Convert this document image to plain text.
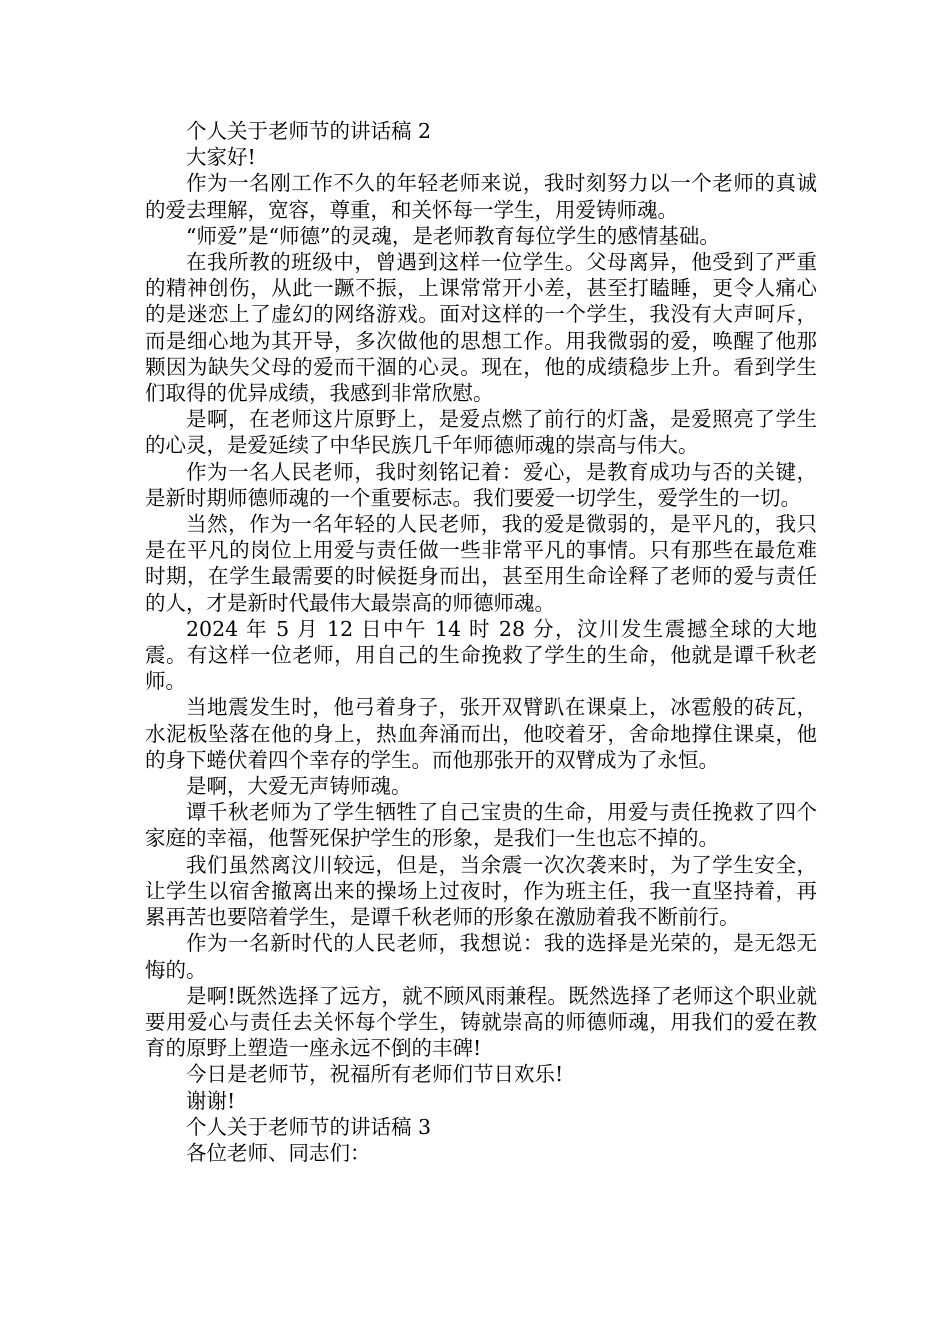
个人关于老师节的讲话稿 2

大家好!

作为一名刚工作不久的年轻老师来说，我时刻努力以一个老师的真诚的爱去理解，宽容，尊重，和关怀每一学生，用爱铸师魂。

“师爱”是“师德”的灵魂，是老师教育每位学生的感情基础。

在我所教的班级中，曾遇到这样一位学生。父母离异，他受到了严重的精神创伤，从此一蹶不振，上课常常开小差，甚至打瞌睡，更令人痛心的是迷恋上了虚幻的网络游戏。面对这样的一个学生，我没有大声呵斥，而是细心地为其开导，多次做他的思想工作。用我微弱的爱，唤醒了他那颗因为缺失父母的爱而干涸的心灵。现在，他的成绩稳步上升。看到学生们取得的优异成绩，我感到非常欣慰。

是啊，在老师这片原野上，是爱点燃了前行的灯盏，是爱照亮了学生的心灵，是爱延续了中华民族几千年师德师魂的崇高与伟大。

作为一名人民老师，我时刻铭记着：爱心，是教育成功与否的关键，是新时期师德师魂的一个重要标志。我们要爱一切学生，爱学生的一切。

当然，作为一名年轻的人民老师，我的爱是微弱的，是平凡的，我只是在平凡的岗位上用爱与责任做一些非常平凡的事情。只有那些在最危难时期，在学生最需要的时候挺身而出，甚至用生命诠释了老师的爱与责任的人，才是新时代最伟大最崇高的师德师魂。

2024 年 5 月 12 日中午 14 时 28 分，汶川发生震撼全球的大地震。有这样一位老师，用自己的生命挽救了学生的生命，他就是谭千秋老师。

当地震发生时，他弓着身子，张开双臂趴在课桌上，冰雹般的砖瓦，水泥板坠落在他的身上，热血奔涌而出，他咬着牙，舍命地撑住课桌，他的身下蜷伏着四个幸存的学生。而他那张开的双臂成为了永恒。

是啊，大爱无声铸师魂。

谭千秋老师为了学生牺牲了自己宝贵的生命，用爱与责任挽救了四个家庭的幸福，他誓死保护学生的形象，是我们一生也忘不掉的。

我们虽然离汶川较远，但是，当余震一次次袭来时，为了学生安全，让学生以宿舍撤离出来的操场上过夜时，作为班主任，我一直坚持着，再累再苦也要陪着学生，是谭千秋老师的形象在激励着我不断前行。

作为一名新时代的人民老师，我想说：我的选择是光荣的，是无怨无悔的。

是啊!既然选择了远方，就不顾风雨兼程。既然选择了老师这个职业就要用爱心与责任去关怀每个学生，铸就崇高的师德师魂，用我们的爱在教育的原野上塑造一座永远不倒的丰碑!

今日是老师节，祝福所有老师们节日欢乐!

谢谢!

个人关于老师节的讲话稿 3

各位老师、同志们：
